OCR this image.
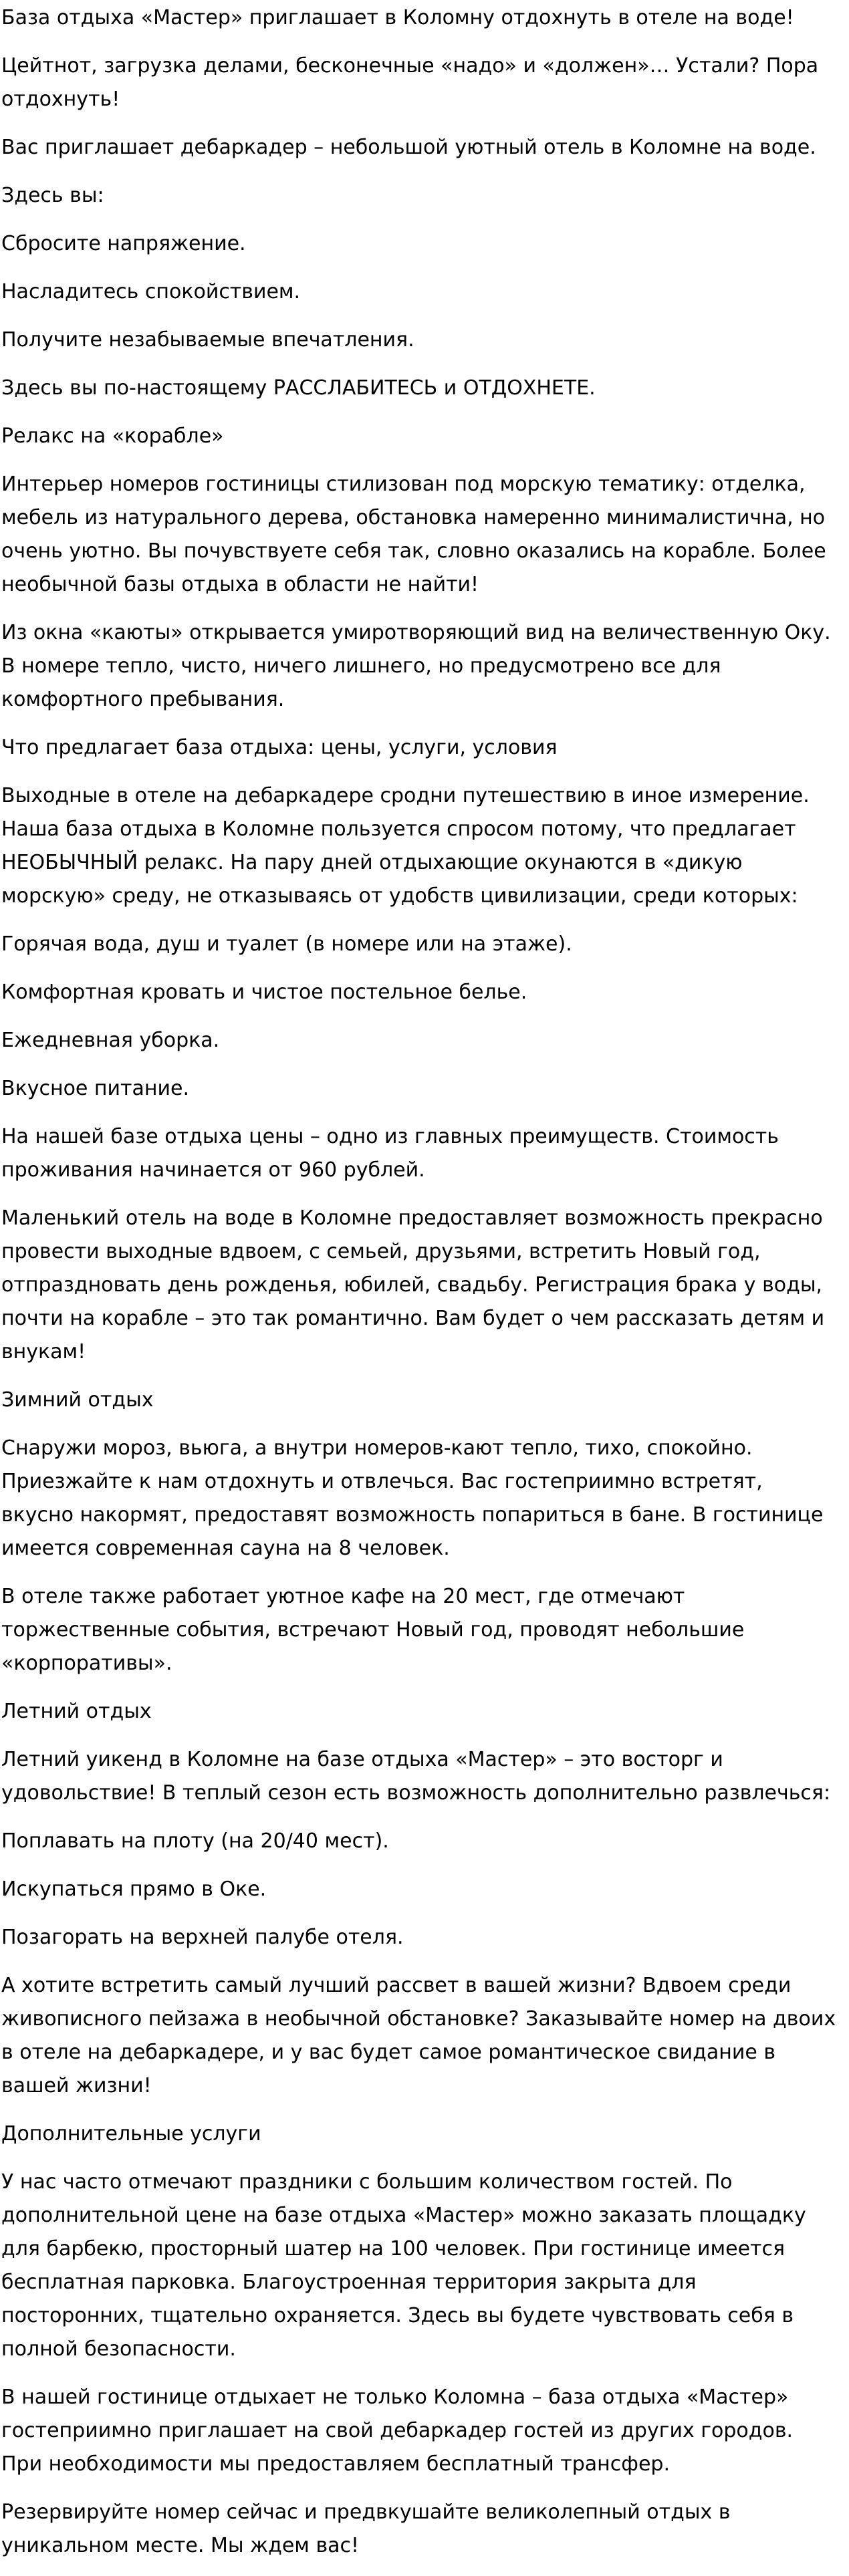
База отдыха «Мастер» приглашает в Коломну отдохнуть в отеле на воде!

Цейтнот, загрузка делами, бесконечные «надо» и «должен»… Устали? Пора отдохнуть!

Вас приглашает дебаркадер – небольшой уютный отель в Коломне на воде.

Здесь вы:

Сбросите напряжение.

Насладитесь спокойствием.

Получите незабываемые впечатления.

Здесь вы по-настоящему РАССЛАБИТЕСЬ и ОТДОХНЕТЕ.

Релакс на «корабле»

Интерьер номеров гостиницы стилизован под морскую тематику: отделка, мебель из натурального дерева, обстановка намеренно минималистична, но очень уютно. Вы почувствуете себя так, словно оказались на корабле. Более необычной базы отдыха в области не найти!

Из окна «каюты» открывается умиротворяющий вид на величественную Оку. В номере тепло, чисто, ничего лишнего, но предусмотрено все для комфортного пребывания.

Что предлагает база отдыха: цены, услуги, условия

Выходные в отеле на дебаркадере сродни путешествию в иное измерение. Наша база отдыха в Коломне пользуется спросом потому, что предлагает НЕОБЫЧНЫЙ релакс. На пару дней отдыхающие окунаются в «дикую морскую» среду, не отказываясь от удобств цивилизации, среди которых:

Горячая вода, душ и туалет (в номере или на этаже).

Комфортная кровать и чистое постельное белье.

Ежедневная уборка.

Вкусное питание.

На нашей базе отдыха цены – одно из главных преимуществ. Стоимость проживания начинается от 960 рублей.

Маленький отель на воде в Коломне предоставляет возможность прекрасно провести выходные вдвоем, с семьей, друзьями, встретить Новый год, отпраздновать день рожденья, юбилей, свадьбу. Регистрация брака у воды, почти на корабле – это так романтично. Вам будет о чем рассказать детям и внукам!

Зимний отдых

Снаружи мороз, вьюга, а внутри номеров-кают тепло, тихо, спокойно. Приезжайте к нам отдохнуть и отвлечься. Вас гостеприимно встретят, вкусно накормят, предоставят возможность попариться в бане. В гостинице имеется современная сауна на 8 человек.

В отеле также работает уютное кафе на 20 мест, где отмечают торжественные события, встречают Новый год, проводят небольшие «корпоративы».

Летний отдых

Летний уикенд в Коломне на базе отдыха «Мастер» – это восторг и удовольствие! В теплый сезон есть возможность дополнительно развлечься:

Поплавать на плоту (на 20/40 мест).

Искупаться прямо в Оке.

Позагорать на верхней палубе отеля.

А хотите встретить самый лучший рассвет в вашей жизни? Вдвоем среди живописного пейзажа в необычной обстановке? Заказывайте номер на двоих в отеле на дебаркадере, и у вас будет самое романтическое свидание в вашей жизни!

Дополнительные услуги

У нас часто отмечают праздники с большим количеством гостей. По дополнительной цене на базе отдыха «Мастер» можно заказать площадку для барбекю, просторный шатер на 100 человек. При гостинице имеется бесплатная парковка. Благоустроенная территория закрыта для посторонних, тщательно охраняется. Здесь вы будете чувствовать себя в полной безопасности.

В нашей гостинице отдыхает не только Коломна – база отдыха «Мастер» гостеприимно приглашает на свой дебаркадер гостей из других городов. При необходимости мы предоставляем бесплатный трансфер.

Резервируйте номер сейчас и предвкушайте великолепный отдых в уникальном месте. Мы ждем вас!
